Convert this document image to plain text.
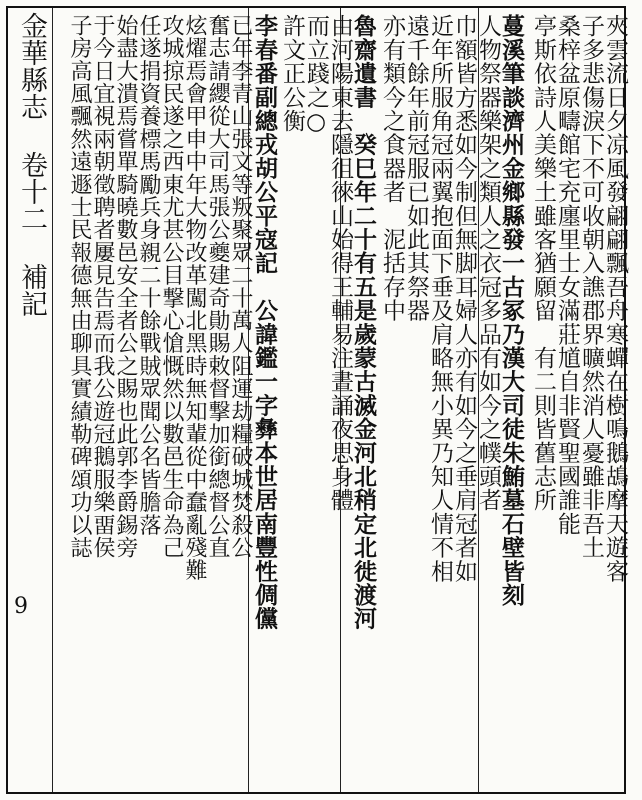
金華縣志 卷十二 補記
9
夾雲流日夕凉風發翩翩飄吾舟寒蟬在樹鳴鵝鴣摩天遊客
子多悲傷淚下不可收朝入譙郡界曠然消人憂雖非吾土
桑梓盆原疇館宅充廛里士女滿莊馗自非賢聖國誰能
亭斯依詩人美樂土雖客猶願留　有二則皆舊志所
蔓溪筆談濟州金鄉縣發一古冢乃漢大司徒朱鮪墓石壁皆刻
人物祭器樂架之類人之衣冠多品有如今之幞頭者
巾額皆方悉如今制但無脚耳婦人亦有如今之垂肩冠者如
近年所服角冠兩翼抱面下垂及肩略無小異乃知人情不相
遠千餘年前冠服已如此其祭器
亦有類今之食器者　泥括存中
魯齋遺書　癸巳年二十有五是歲蒙古滅金河北稍定北徙渡河
由河陽東去隱徂徠山始得王輔易注晝誦夜思身體
而立踐之○
許文正公衡
李春番副總戎胡公平寇記　公諱鑑一字彝本世居南豐性倜儻
已年李青山張文等叛聚眾二十萬人阻運劫糧破城焚殺公
奮志請纓從大司馬張公夔建奇勛賜敕督撃加銜總督公直
炫燿焉會甲申中年大物改革闖北黑時無知輩從中蠢亂殘難
攻城掠民遂之西東尤甚公目撃心愴慨然以數邑生命為己
任遂捐資養標馬勵兵身親二十餘戰賊眾聞公名皆膽落
始盡大潰焉嘗單騎曉數邑安全者公之賜也此郭李爵錫旁
于今日宜視兩朝徵聘者屢見告焉而我公遊冠鵝服樂畱侯
子房高風飄然遠遯士民報德無由聊具實績勒碑頌功以誌
